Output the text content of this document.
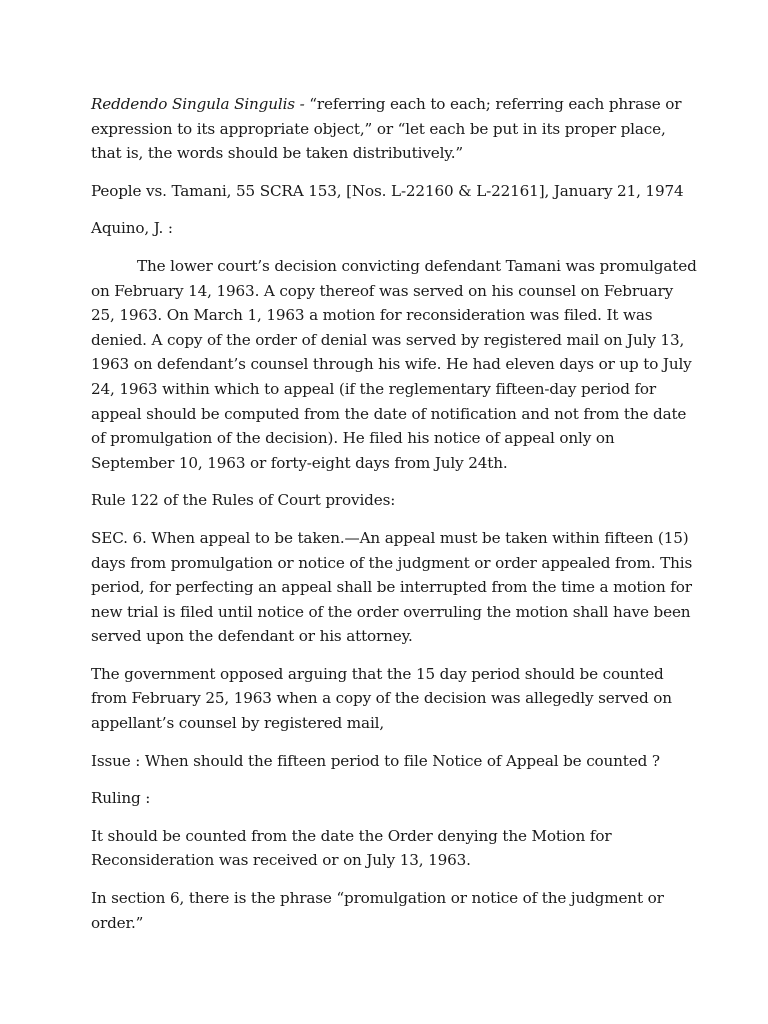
Reddendo Singula Singulis - “referring each to each; referring each phrase or expression to its appropriate object,” or “let each be put in its proper place, that is, the words should be taken distributively.”

People vs. Tamani, 55 SCRA 153, [Nos. L-22160 & L-22161], January 21, 1974

Aquino, J. :

The lower court’s decision convicting defendant Tamani was promulgated on February 14, 1963. A copy thereof was served on his counsel on February 25, 1963. On March 1, 1963 a motion for reconsideration was filed. It was denied. A copy of the order of denial was served by registered mail on July 13, 1963 on defendant’s counsel through his wife. He had eleven days or up to July 24, 1963 within which to appeal (if the reglementary fifteen-day period for appeal should be computed from the date of notification and not from the date of promulgation of the decision). He filed his notice of appeal only on September 10, 1963 or forty-eight days from July 24th.

Rule 122 of the Rules of Court provides:

SEC. 6. When appeal to be taken.—An appeal must be taken within fifteen (15) days from promulgation or notice of the judgment or order appealed from. This period, for perfecting an appeal shall be interrupted from the time a motion for new trial is filed until notice of the order overruling the motion shall have been served upon the defendant or his attorney.

The government opposed arguing that the 15 day period should be counted from February 25, 1963 when a copy of the decision was allegedly served on appellant’s counsel by registered mail,

Issue : When should the fifteen period to file Notice of Appeal be counted ?

Ruling :

It should be counted from the date the Order denying the Motion for Reconsideration was received or on July 13, 1963.

In section 6, there is the phrase “promulgation or notice of the judgment or order.”
